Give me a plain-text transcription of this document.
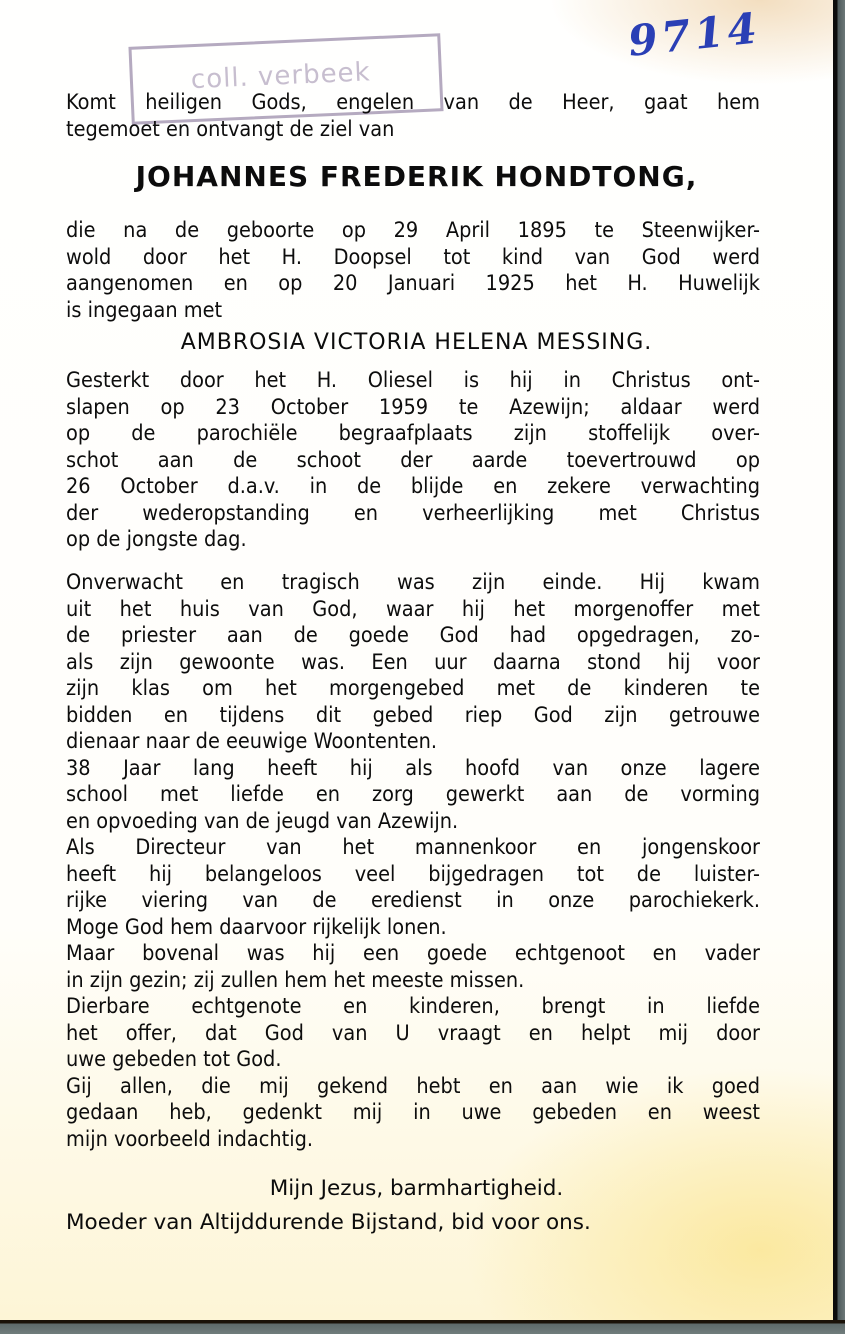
coll. verbeek
9714
Komt heiligen Gods, engelen van de Heer, gaat hem
tegemoet en ontvangt de ziel van
JOHANNES FREDERIK HONDTONG,
die na de geboorte op 29 April 1895 te Steenwijker-
wold door het H. Doopsel tot kind van God werd
aangenomen en op 20 Januari 1925 het H. Huwelijk
is ingegaan met
AMBROSIA VICTORIA HELENA MESSING.
Gesterkt door het H. Oliesel is hij in Christus ont-
slapen op 23 October 1959 te Azewijn; aldaar werd
op de parochiële begraafplaats zijn stoffelijk over-
schot aan de schoot der aarde toevertrouwd op
26 October d.a.v. in de blijde en zekere verwachting
der wederopstanding en verheerlijking met Christus
op de jongste dag.
Onverwacht en tragisch was zijn einde. Hij kwam
uit het huis van God, waar hij het morgenoffer met
de priester aan de goede God had opgedragen, zo-
als zijn gewoonte was. Een uur daarna stond hij voor
zijn klas om het morgengebed met de kinderen te
bidden en tijdens dit gebed riep God zijn getrouwe
dienaar naar de eeuwige Woontenten.
38 Jaar lang heeft hij als hoofd van onze lagere
school met liefde en zorg gewerkt aan de vorming
en opvoeding van de jeugd van Azewijn.
Als Directeur van het mannenkoor en jongenskoor
heeft hij belangeloos veel bijgedragen tot de luister-
rijke viering van de eredienst in onze parochiekerk.
Moge God hem daarvoor rijkelijk lonen.
Maar bovenal was hij een goede echtgenoot en vader
in zijn gezin; zij zullen hem het meeste missen.
Dierbare echtgenote en kinderen, brengt in liefde
het offer, dat God van U vraagt en helpt mij door
uwe gebeden tot God.
Gij allen, die mij gekend hebt en aan wie ik goed
gedaan heb, gedenkt mij in uwe gebeden en weest
mijn voorbeeld indachtig.
Mijn Jezus, barmhartigheid.
Moeder van Altijddurende Bijstand, bid voor ons.
